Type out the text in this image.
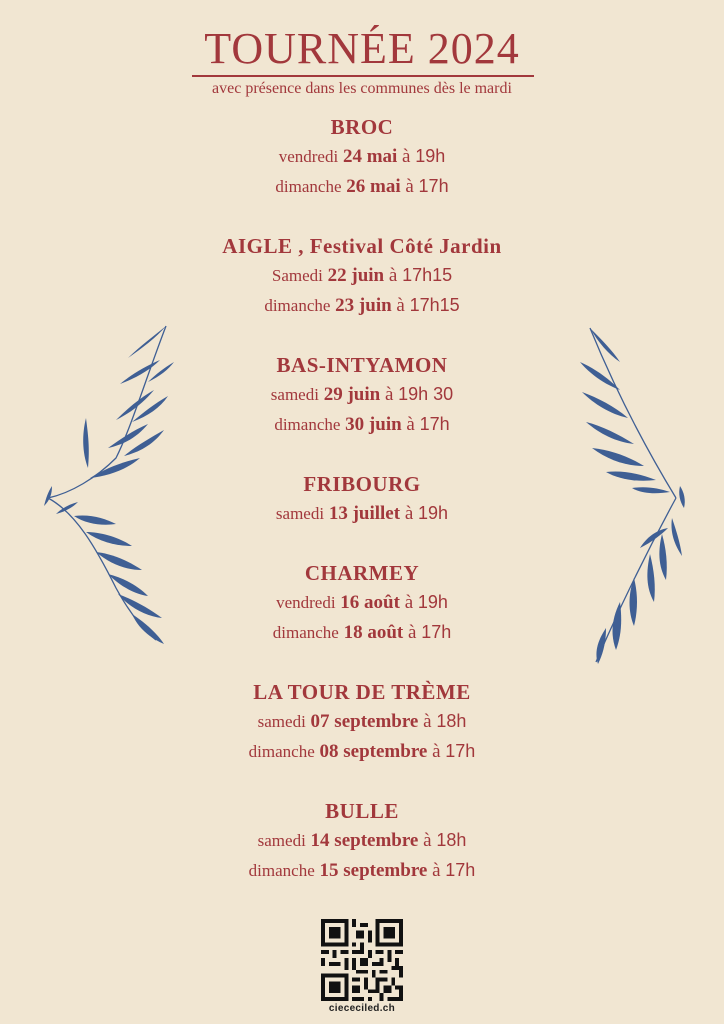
TOURNÉE 2024
avec présence dans les communes dès le mardi
BROC
vendredi 24 mai à 19h
dimanche 26 mai à 17h
AIGLE , Festival Côté Jardin
Samedi 22 juin à 17h15
dimanche 23 juin à 17h15
BAS-INTYAMON
samedi 29 juin à 19h 30
dimanche 30 juin à 17h
FRIBOURG
samedi 13 juillet à 19h
CHARMEY
vendredi 16 août à 19h
dimanche 18 août à 17h
LA TOUR DE TRÈME
samedi 07 septembre à 18h
dimanche 08 septembre à 17h
BULLE
samedi 14 septembre à 18h
dimanche 15 septembre à 17h
ciececiled.ch
